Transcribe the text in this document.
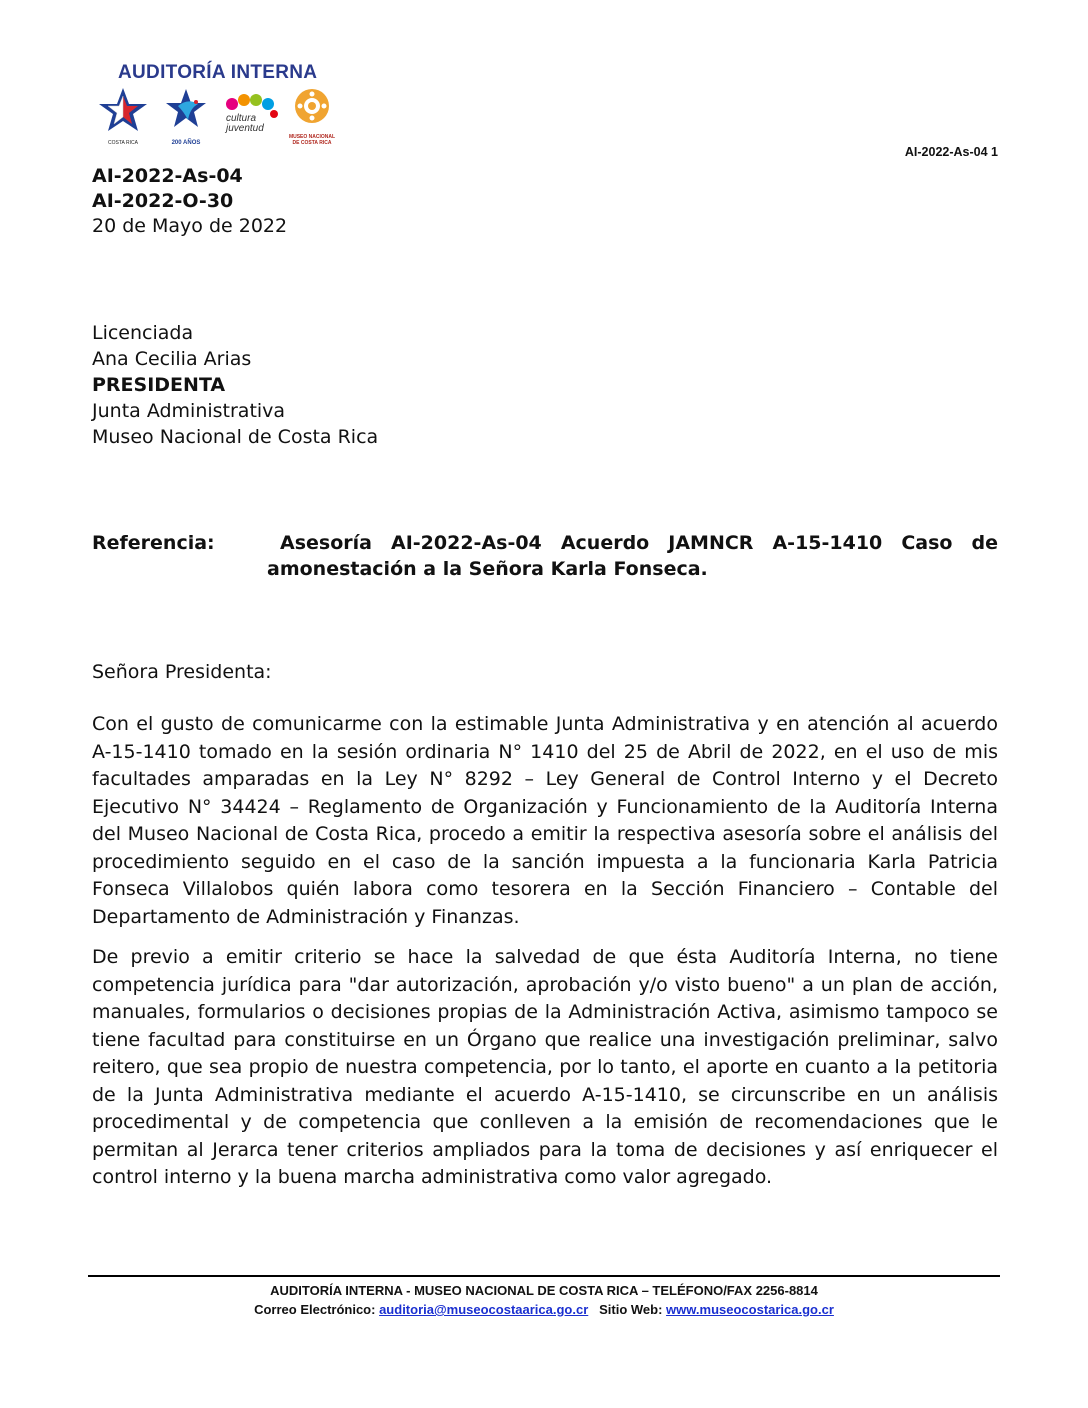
AUDITORÍA INTERNA
COSTA RICA	200 AÑOS
cultura
juventud
MUSEO NACIONAL DE COSTA RICA
AI-2022-As-04 1
AI-2022-As-04
AI-2022-O-30
20 de Mayo de 2022
Licenciada
Ana Cecilia Arias
PRESIDENTA
Junta Administrativa
Museo Nacional de Costa Rica
Referencia:	Asesoría AI-2022-As-04 Acuerdo JAMNCR A-15-1410 Caso de
amonestación a la Señora Karla Fonseca.
Señora Presidenta:
Con el gusto de comunicarme con la estimable Junta Administrativa y en atención al acuerdo A-15-1410 tomado en la sesión ordinaria N° 1410 del 25 de Abril de 2022, en el uso de mis facultades amparadas en la Ley N° 8292 – Ley General de Control Interno y el Decreto Ejecutivo N° 34424 – Reglamento de Organización y Funcionamiento de la Auditoría Interna del Museo Nacional de Costa Rica, procedo a emitir la respectiva asesoría sobre el análisis del procedimiento seguido en el caso de la sanción impuesta a la funcionaria Karla Patricia Fonseca Villalobos quién labora como tesorera en la Sección Financiero – Contable del Departamento de Administración y Finanzas.
De previo a emitir criterio se hace la salvedad de que ésta Auditoría Interna, no tiene competencia jurídica para "dar autorización, aprobación y/o visto bueno" a un plan de acción, manuales, formularios o decisiones propias de la Administración Activa, asimismo tampoco se tiene facultad para constituirse en un Órgano que realice una investigación preliminar, salvo reitero, que sea propio de nuestra competencia, por lo tanto, el aporte en cuanto a la petitoria de la Junta Administrativa mediante el acuerdo A-15-1410, se circunscribe en un análisis procedimental y de competencia que conlleven a la emisión de recomendaciones que le permitan al Jerarca tener criterios ampliados para la toma de decisiones y así enriquecer el control interno y la buena marcha administrativa como valor agregado.
AUDITORÍA INTERNA - MUSEO NACIONAL DE COSTA RICA – TELÉFONO/FAX 2256-8814
Correo Electrónico: auditoria@museocostaarica.go.cr Sitio Web: www.museocostarica.go.cr
